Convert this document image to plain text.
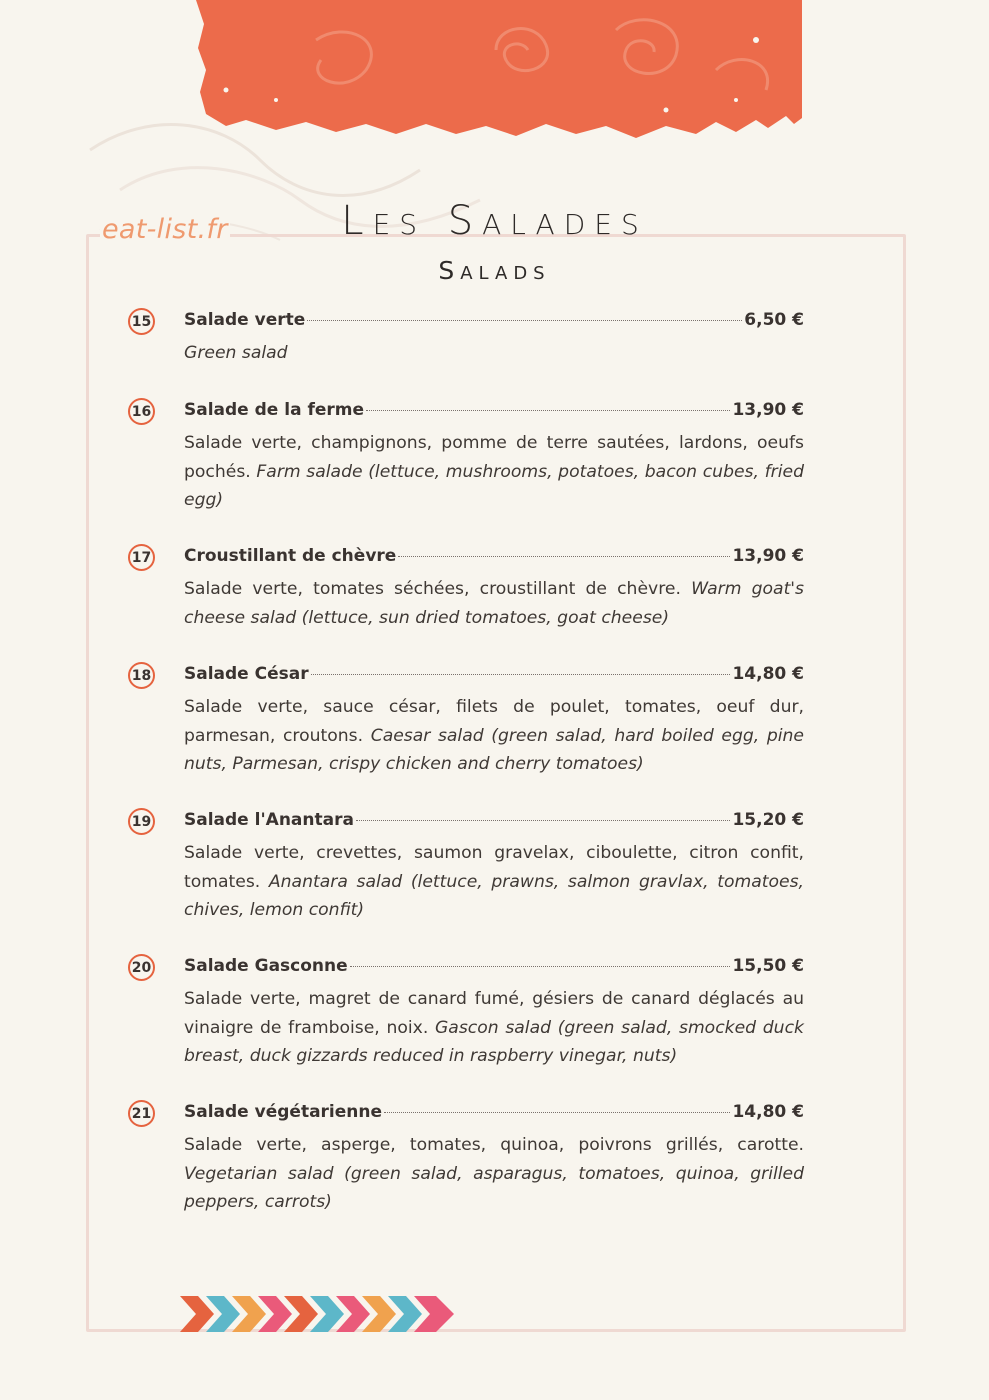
eat-list.fr	Les Salades
Salads
15 Salade verte	6,50 €
Green salad
16 Salade de la ferme	13,90 €
Salade verte, champignons, pomme de terre sautées, lardons, oeufs pochés. Farm salade (lettuce, mushrooms, potatoes, bacon cubes, fried egg)
17 Croustillant de chèvre	13,90 €
Salade verte, tomates séchées, croustillant de chèvre. Warm goat's cheese salad (lettuce, sun dried tomatoes, goat cheese)
18 Salade César	14,80 €
Salade verte, sauce césar, filets de poulet, tomates, oeuf dur, parmesan, croutons. Caesar salad (green salad, hard boiled egg, pine nuts, Parmesan, crispy chicken and cherry tomatoes)
19 Salade l'Anantara	15,20 €
Salade verte, crevettes, saumon gravelax, ciboulette, citron confit, tomates. Anantara salad (lettuce, prawns, salmon gravlax, tomatoes, chives, lemon confit)
20 Salade Gasconne	15,50 €
Salade verte, magret de canard fumé, gésiers de canard déglacés au vinaigre de framboise, noix. Gascon salad (green salad, smocked duck breast, duck gizzards reduced in raspberry vinegar, nuts)
21 Salade végétarienne	14,80 €
Salade verte, asperge, tomates, quinoa, poivrons grillés, carotte. Vegetarian salad (green salad, asparagus, tomatoes, quinoa, grilled peppers, carrots)
